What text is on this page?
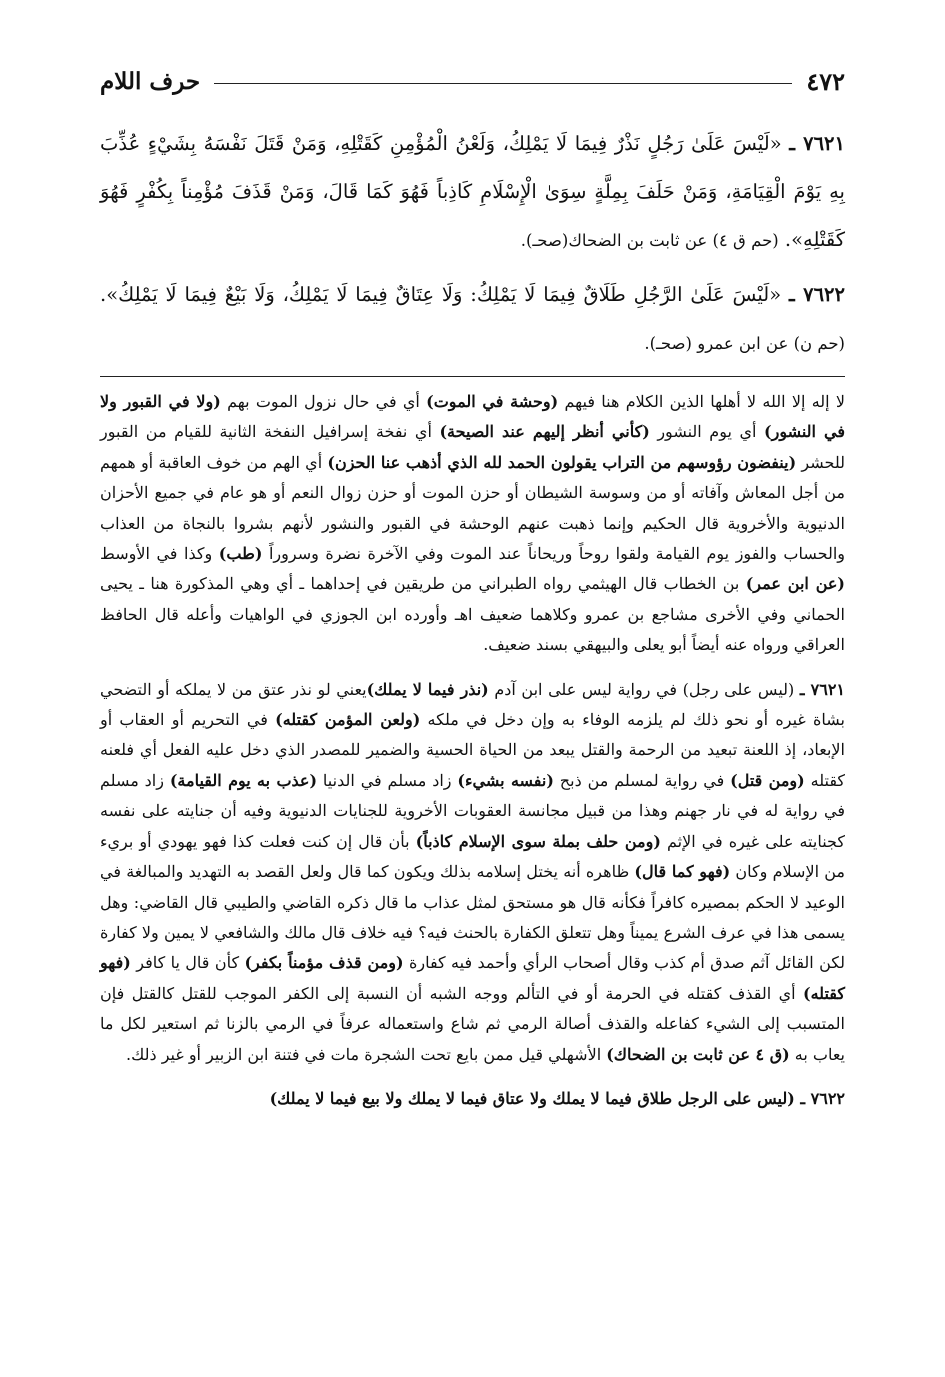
٤٧٢
حرف اللام

٧٦٢١ ـ «لَيْسَ عَلَىٰ رَجُلٍ نَذْرٌ فِيمَا لَا يَمْلِكُ، وَلَعْنُ الْمُؤْمِنِ كَقَتْلِهِ، وَمَنْ قَتَلَ نَفْسَهُ بِشَيْءٍ عُذِّبَ بِهِ يَوْمَ الْقِيَامَةِ، وَمَنْ حَلَفَ بِمِلَّةٍ سِوَىٰ الْإِسْلَامِ كَاذِباً فَهُوَ كَمَا قَالَ، وَمَنْ قَذَفَ مُؤْمِناً بِكُفْرٍ فَهُوَ كَقَتْلِهِ». (حم ق ٤) عن ثابت بن الضحاك(صحـ).

٧٦٢٢ ـ «لَيْسَ عَلَىٰ الرَّجُلِ طَلَاقٌ فِيمَا لَا يَمْلِكُ: وَلَا عِتَاقٌ فِيمَا لَا يَمْلِكُ، وَلَا بَيْعٌ فِيمَا لَا يَمْلِكُ». (حم ن) عن ابن عمرو (صحـ).

لا إله إلا الله لا أهلها الذين الكلام هنا فيهم (وحشة في الموت) أي في حال نزول الموت بهم (ولا في القبور ولا في النشور) أي يوم النشور (كأني أنظر إليهم عند الصيحة) أي نفخة إسرافيل النفخة الثانية للقيام من القبور للحشر (ينفضون رؤوسهم من التراب يقولون الحمد لله الذي أذهب عنا الحزن) أي الهم من خوف العاقبة أو همهم من أجل المعاش وآفاته أو من وسوسة الشيطان أو حزن الموت أو حزن زوال النعم أو هو عام في جميع الأحزان الدنيوية والأخروية قال الحكيم وإنما ذهبت عنهم الوحشة في القبور والنشور لأنهم بشروا بالنجاة من العذاب والحساب والفوز يوم القيامة ولقوا روحاً وريحاناً عند الموت وفي الآخرة نضرة وسروراً (طب) وكذا في الأوسط (عن ابن عمر) بن الخطاب قال الهيثمي رواه الطبراني من طريقين في إحداهما ـ أي وهي المذكورة هنا ـ يحيى الحماني وفي الأخرى مشاجع بن عمرو وكلاهما ضعيف اهـ وأورده ابن الجوزي في الواهيات وأعله قال الحافظ العراقي ورواه عنه أيضاً أبو يعلى والبيهقي بسند ضعيف.

٧٦٢١ ـ (ليس على رجل) في رواية ليس على ابن آدم (نذر فيما لا يملك)يعني لو نذر عتق من لا يملكه أو التضحي بشاة غيره أو نحو ذلك لم يلزمه الوفاء به وإن دخل في ملكه (ولعن المؤمن كقتله) في التحريم أو العقاب أو الإبعاد، إذ اللعنة تبعيد من الرحمة والقتل يبعد من الحياة الحسية والضمير للمصدر الذي دخل عليه الفعل أي فلعنه كقتله (ومن قتل) في رواية لمسلم من ذبح (نفسه بشيء) زاد مسلم في الدنيا (عذب به يوم القيامة) زاد مسلم في رواية له في نار جهنم وهذا من قبيل مجانسة العقوبات الأخروية للجنايات الدنيوية وفيه أن جنايته على نفسه كجنايته على غيره في الإثم (ومن حلف بملة سوى الإسلام كاذباً) بأن قال إن كنت فعلت كذا فهو يهودي أو بريء من الإسلام وكان (فهو كما قال) ظاهره أنه يختل إسلامه بذلك ويكون كما قال ولعل القصد به التهديد والمبالغة في الوعيد لا الحكم بمصيره كافراً فكأنه قال هو مستحق لمثل عذاب ما قال ذكره القاضي والطيبي قال القاضي: وهل يسمى هذا في عرف الشرع يميناً وهل تتعلق الكفارة بالحنث فيه؟ فيه خلاف قال مالك والشافعي لا يمين ولا كفارة لكن القائل آثم صدق أم كذب وقال أصحاب الرأي وأحمد فيه كفارة (ومن قذف مؤمناً بكفر) كأن قال يا كافر (فهو كقتله) أي القذف كقتله في الحرمة أو في التألم ووجه الشبه أن النسبة إلى الكفر الموجب للقتل كالقتل فإن المتسبب إلى الشيء كفاعله والقذف أصالة الرمي ثم شاع واستعماله عرفاً في الرمي بالزنا ثم استعير لكل ما يعاب به (ق ٤ عن ثابت بن الضحاك) الأشهلي قيل ممن بايع تحت الشجرة مات في فتنة ابن الزبير أو غير ذلك.

٧٦٢٢ ـ (ليس على الرجل طلاق فيما لا يملك ولا عتاق فيما لا يملك ولا بيع فيما لا يملك)
